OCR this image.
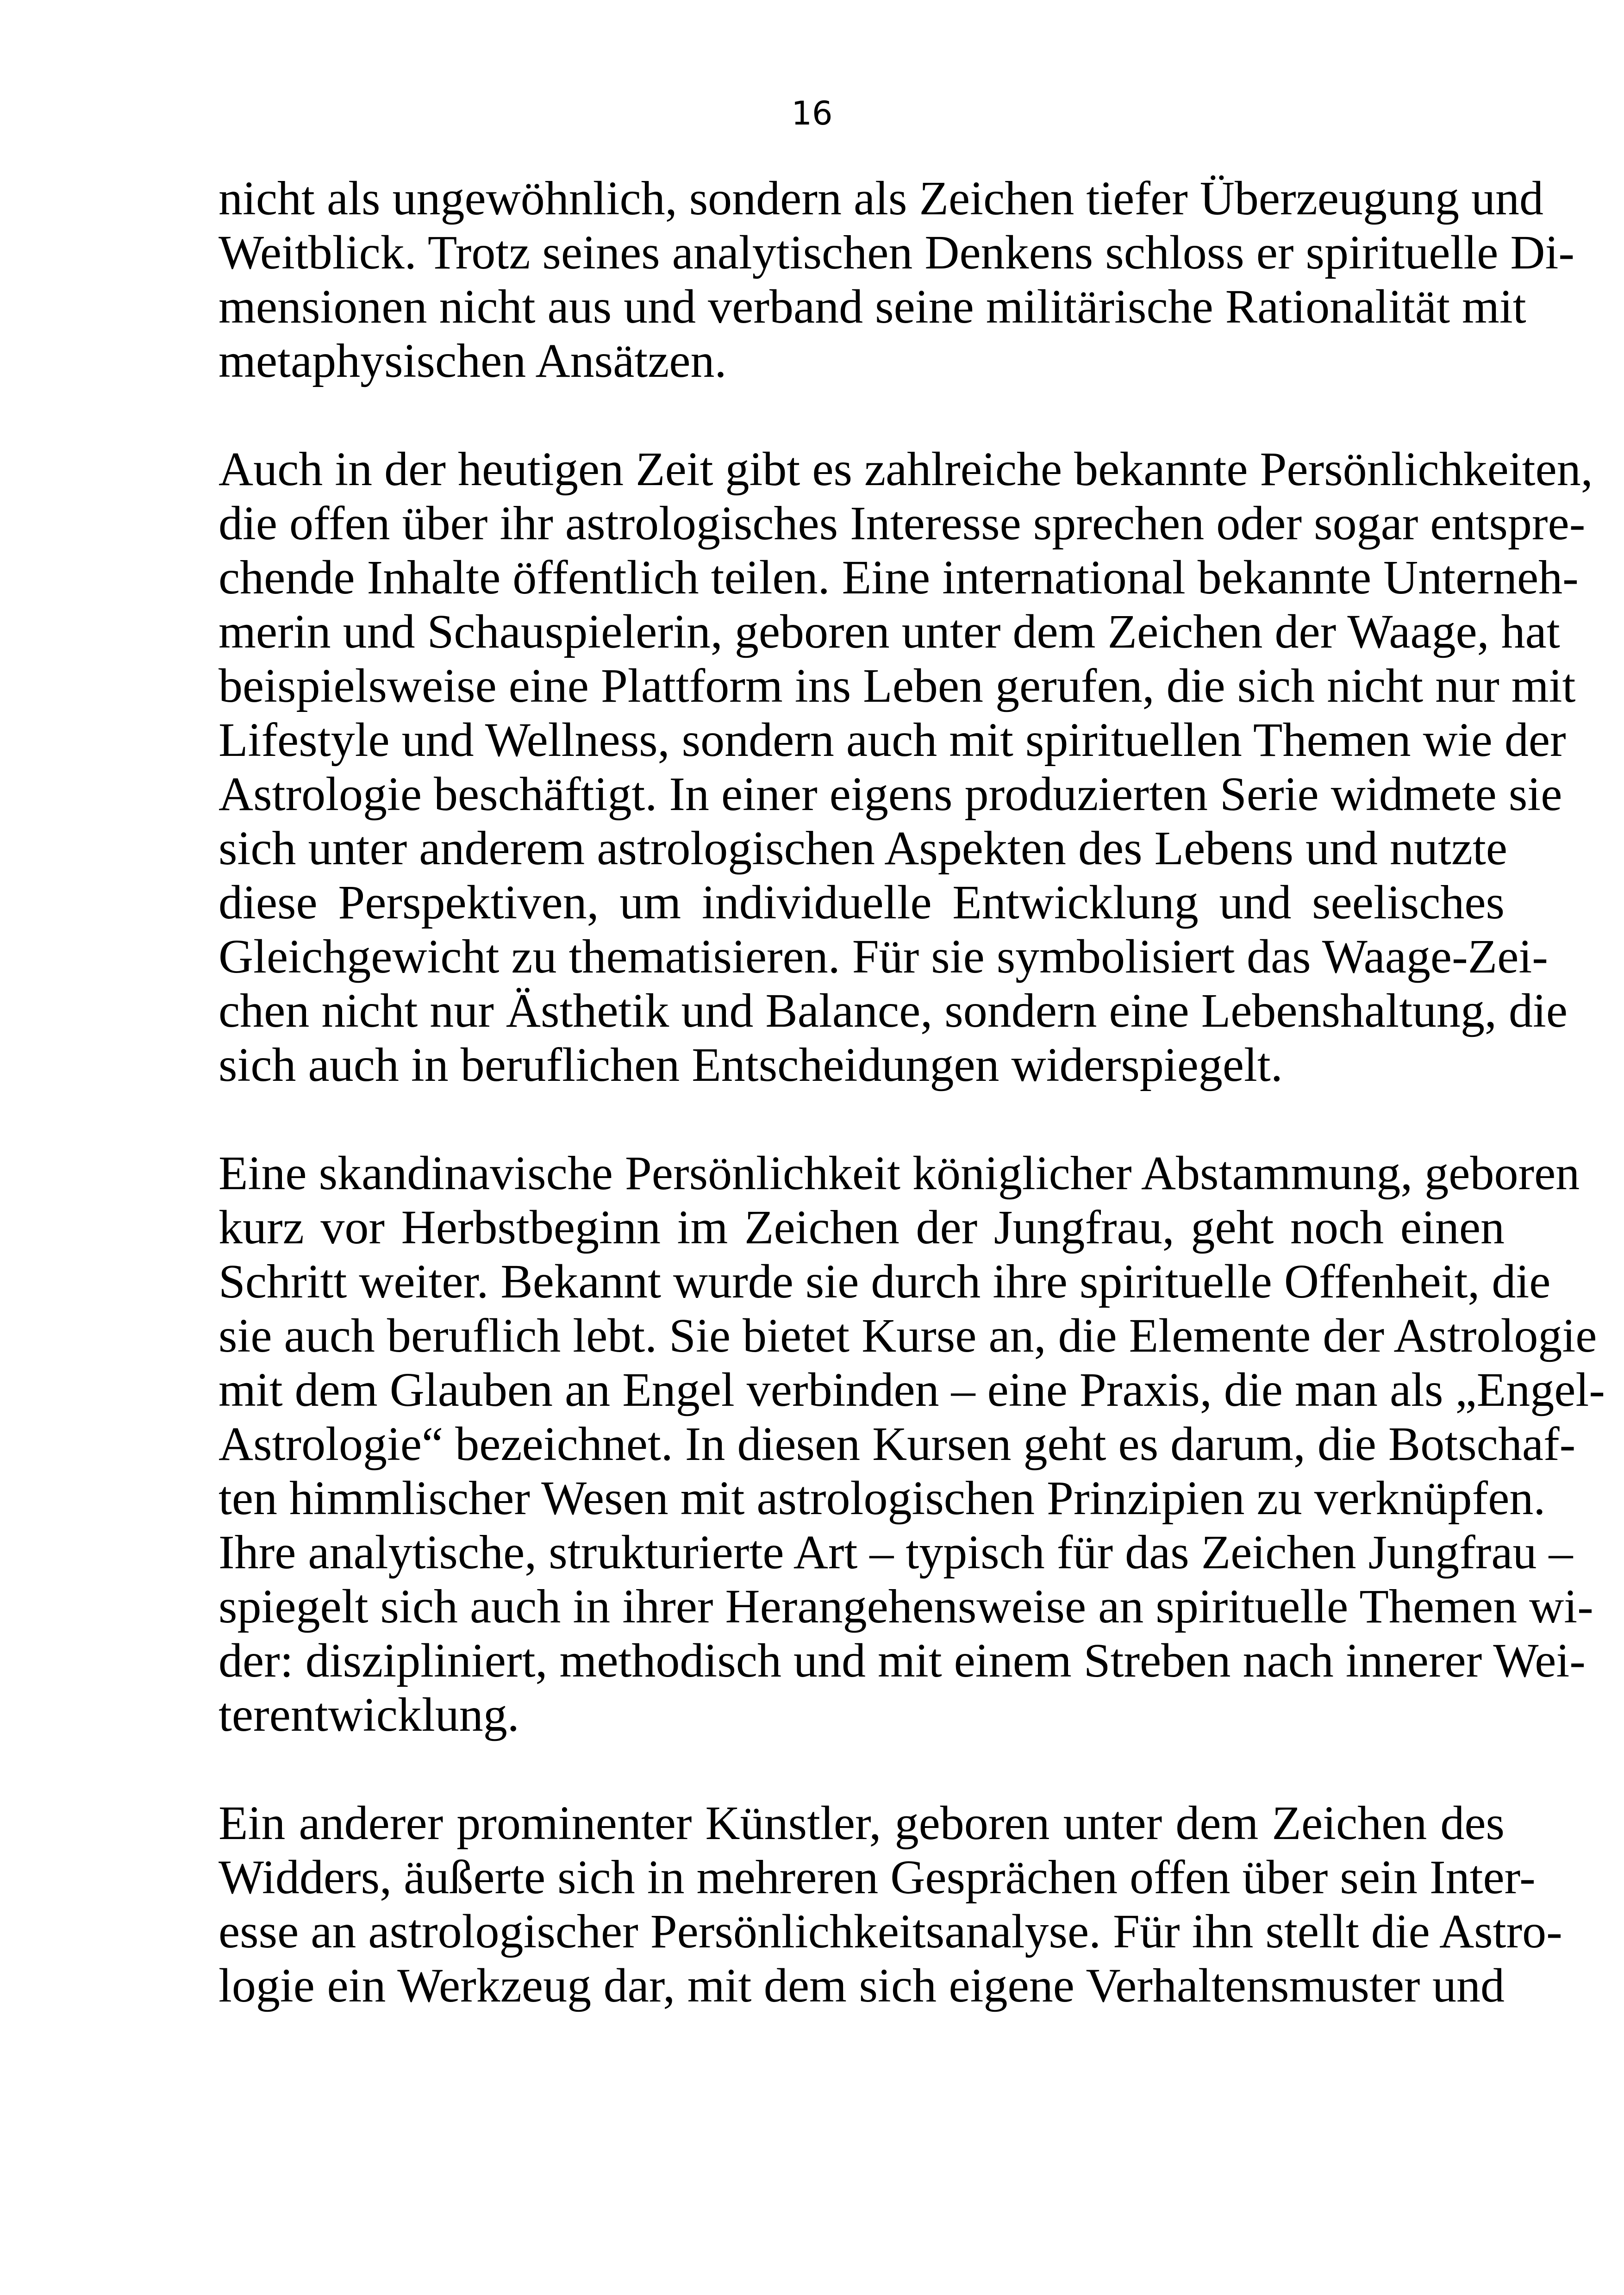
16

nicht als ungewöhnlich, sondern als Zeichen tiefer Überzeugung und
Weitblick. Trotz seines analytischen Denkens schloss er spirituelle Di-
mensionen nicht aus und verband seine militärische Rationalität mit
metaphysischen Ansätzen.

Auch in der heutigen Zeit gibt es zahlreiche bekannte Persönlichkeiten,
die offen über ihr astrologisches Interesse sprechen oder sogar entspre-
chende Inhalte öffentlich teilen. Eine international bekannte Unterneh-
merin und Schauspielerin, geboren unter dem Zeichen der Waage, hat
beispielsweise eine Plattform ins Leben gerufen, die sich nicht nur mit
Lifestyle und Wellness, sondern auch mit spirituellen Themen wie der
Astrologie beschäftigt. In einer eigens produzierten Serie widmete sie
sich unter anderem astrologischen Aspekten des Lebens und nutzte
diese Perspektiven, um individuelle Entwicklung und seelisches
Gleichgewicht zu thematisieren. Für sie symbolisiert das Waage-Zei-
chen nicht nur Ästhetik und Balance, sondern eine Lebenshaltung, die
sich auch in beruflichen Entscheidungen widerspiegelt.

Eine skandinavische Persönlichkeit königlicher Abstammung, geboren
kurz vor Herbstbeginn im Zeichen der Jungfrau, geht noch einen
Schritt weiter. Bekannt wurde sie durch ihre spirituelle Offenheit, die
sie auch beruflich lebt. Sie bietet Kurse an, die Elemente der Astrologie
mit dem Glauben an Engel verbinden – eine Praxis, die man als „Engel-
Astrologie“ bezeichnet. In diesen Kursen geht es darum, die Botschaf-
ten himmlischer Wesen mit astrologischen Prinzipien zu verknüpfen.
Ihre analytische, strukturierte Art – typisch für das Zeichen Jungfrau –
spiegelt sich auch in ihrer Herangehensweise an spirituelle Themen wi-
der: diszipliniert, methodisch und mit einem Streben nach innerer Wei-
terentwicklung.

Ein anderer prominenter Künstler, geboren unter dem Zeichen des
Widders, äußerte sich in mehreren Gesprächen offen über sein Inter-
esse an astrologischer Persönlichkeitsanalyse. Für ihn stellt die Astro-
logie ein Werkzeug dar, mit dem sich eigene Verhaltensmuster und
